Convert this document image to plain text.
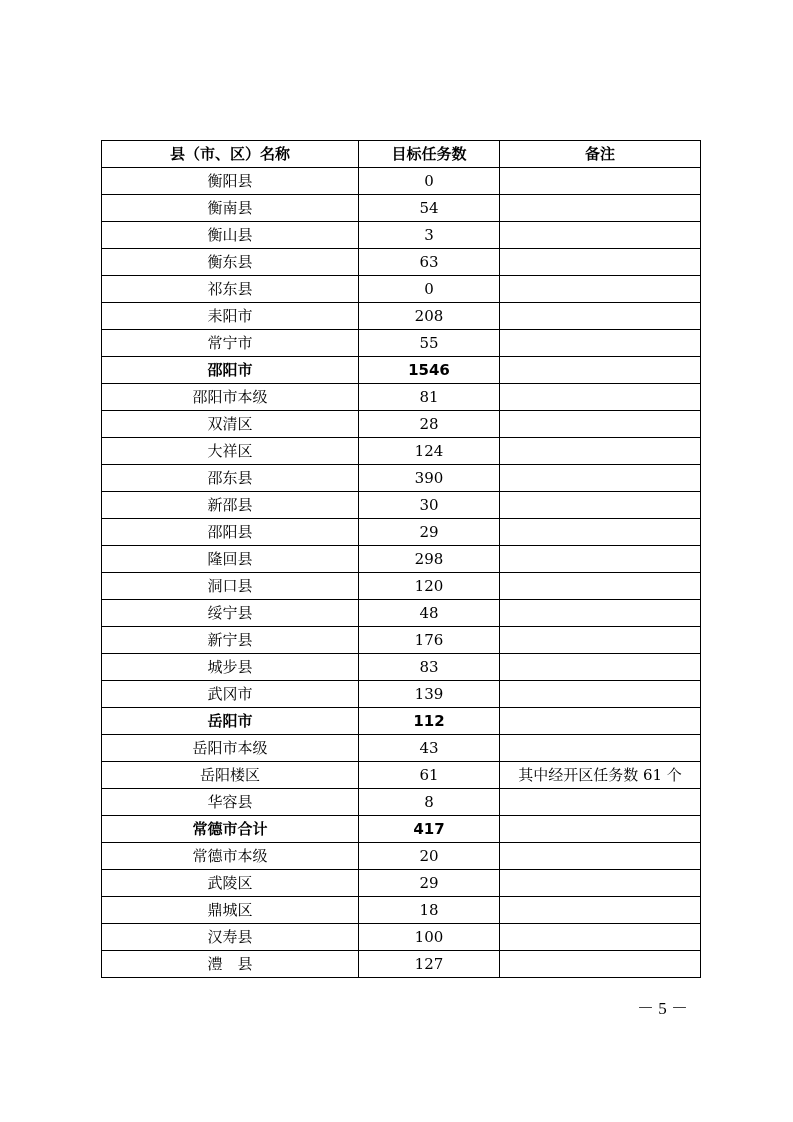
县（市、区）名称	目标任务数	备注
衡阳县	0	
衡南县	54	
衡山县	3	
衡东县	63	
祁东县	0	
耒阳市	208	
常宁市	55	
邵阳市	1546	
邵阳市本级	81	
双清区	28	
大祥区	124	
邵东县	390	
新邵县	30	
邵阳县	29	
隆回县	298	
洞口县	120	
绥宁县	48	
新宁县	176	
城步县	83	
武冈市	139	
岳阳市	112	
岳阳市本级	43	
岳阳楼区	61	其中经开区任务数 61 个
华容县	8	
常德市合计	417	
常德市本级	20	
武陵区	29	
鼎城区	18	
汉寿县	100	
澧　县	127	
－ 5 －
